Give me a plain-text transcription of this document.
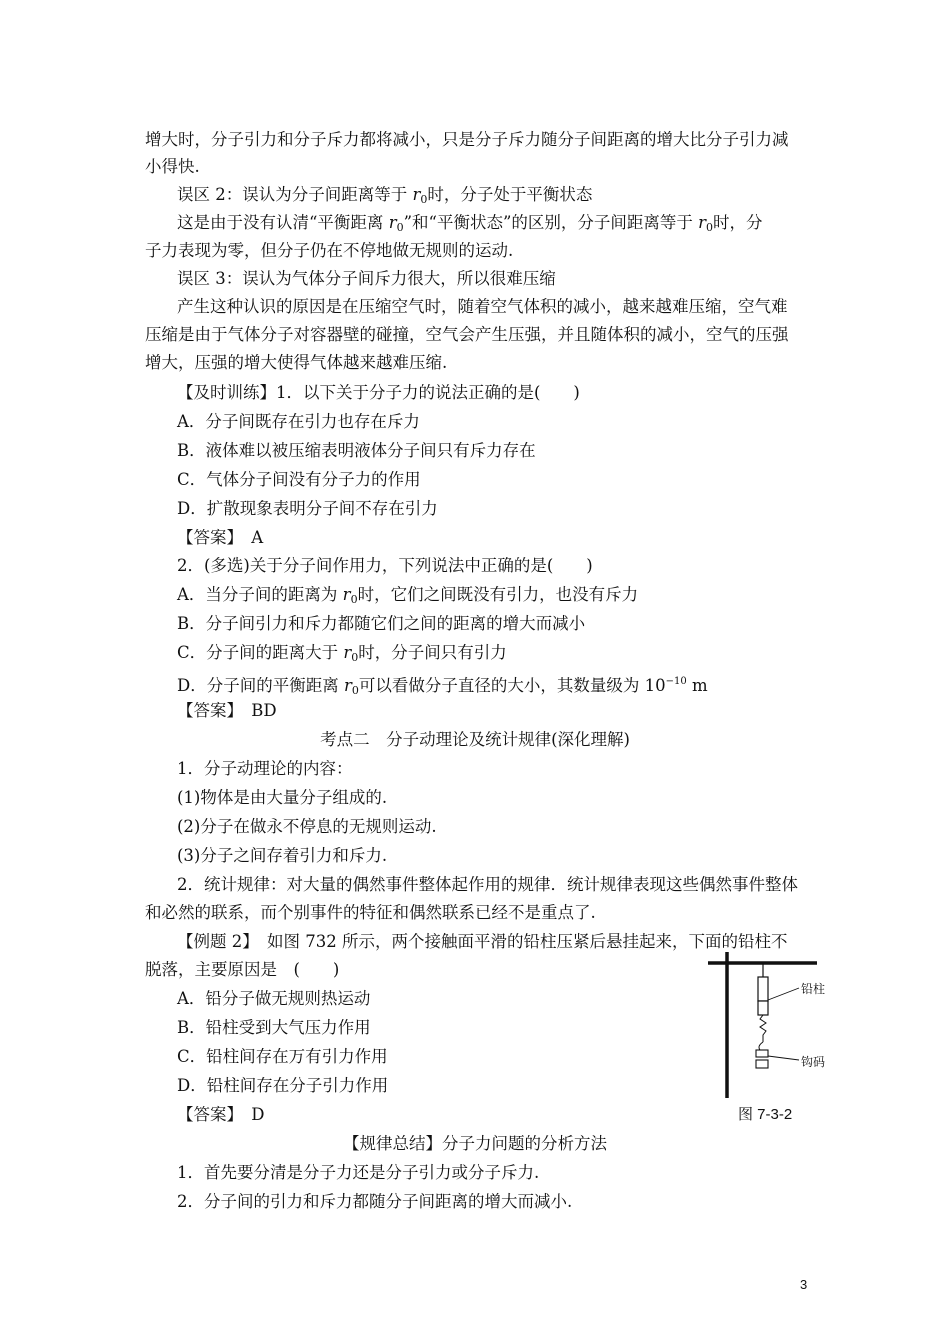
增大时，分子引力和分子斥力都将减小，只是分子斥力随分子间距离的增大比分子引力减
小得快.
误区 2：误认为分子间距离等于 $r_0$时，分子处于平衡状态
这是由于没有认清“平衡距离 $r_0$”和“平衡状态”的区别，分子间距离等于 $r_0$时，分
子力表现为零，但分子仍在不停地做无规则的运动.
误区 3：误认为气体分子间斥力很大，所以很难压缩
产生这种认识的原因是在压缩空气时，随着空气体积的减小，越来越难压缩，空气难
压缩是由于气体分子对容器壁的碰撞，空气会产生压强，并且随体积的减小，空气的压强
增大，压强的增大使得气体越来越难压缩.
【及时训练】1．以下关于分子力的说法正确的是(　　)
A．分子间既存在引力也存在斥力
B．液体难以被压缩表明液体分子间只有斥力存在
C．气体分子间没有分子力的作用
D．扩散现象表明分子间不存在引力
【答案】　A
2．(多选)关于分子间作用力，下列说法中正确的是(　　)
A．当分子间的距离为 $r_0$时，它们之间既没有引力，也没有斥力
B．分子间引力和斥力都随它们之间的距离的增大而减小
C．分子间的距离大于 $r_0$时，分子间只有引力
D．分子间的平衡距离 $r_0$可以看做分子直径的大小，其数量级为 $10^{-10}$ m
【答案】　BD
考点二　分子动理论及统计规律(深化理解)
1．分子动理论的内容：
(1)物体是由大量分子组成的.
(2)分子在做永不停息的无规则运动.
(3)分子之间存着引力和斥力.
2．统计规律：对大量的偶然事件整体起作用的规律．统计规律表现这些偶然事件整体
和必然的联系，而个别事件的特征和偶然联系已经不是重点了.
【例题 2】　如图 732 所示，两个接触面平滑的铅柱压紧后悬挂起来，下面的铅柱不
脱落，主要原因是　(　　)
A．铅分子做无规则热运动
B．铅柱受到大气压力作用
C．铅柱间存在万有引力作用
D．铅柱间存在分子引力作用
【答案】　D
【规律总结】分子力问题的分析方法
1．首先要分清是分子力还是分子引力或分子斥力.
2．分子间的引力和斥力都随分子间距离的增大而减小.
铅柱
钩码
图 7-3-2
3
